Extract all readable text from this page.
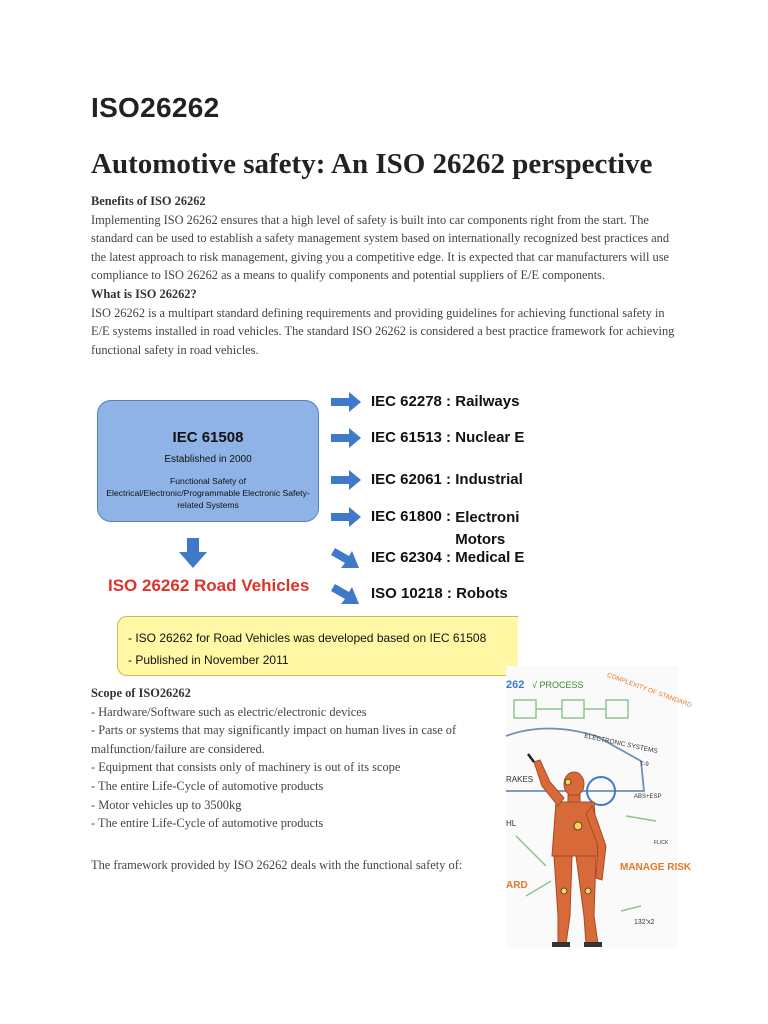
ISO26262
Automotive safety: An ISO 26262 perspective
Benefits of ISO 26262

Implementing ISO 26262 ensures that a high level of safety is built into car components right from the start. The standard can be used to establish a safety management system based on internationally recognized best practices and the latest approach to risk management, giving you a competitive edge. It is expected that car manufacturers will use compliance to ISO 26262 as a means to qualify components and potential suppliers of E/E components.

What is ISO 26262?

ISO 26262 is a multipart standard defining requirements and providing guidelines for achieving functional safety in E/E systems installed in road vehicles. The standard ISO 26262 is considered a best practice framework for achieving functional safety in road vehicles.

IEC 61508
Established in 2000
Functional Safety of Electrical/Electronic/Programmable Electronic Safety-related Systems
ISO 26262 Road Vehicles
IEC 62278 : Railways
IEC 61513 : Nuclear E
IEC 62061 : Industrial
IEC 61800 : Electroni Motors
IEC 62304 : Medical E
ISO 10218 : Robots
- ISO 26262 for Road Vehicles was developed based on IEC 61508
- Published in November 2011
Scope of ISO26262

- Hardware/Software such as electric/electronic devices

- Parts or systems that may significantly impact on human lives in case of malfunction/failure are considered.

- Equipment that consists only of machinery is out of its scope

- The entire Life-Cycle of automotive products

- Motor vehicles up to 3500kg

- The entire Life-Cycle of automotive products

The framework provided by ISO 26262 deals with the functional safety of:
262 √ PROCESS	COMPLEXITY OF STANDARD
ELECTRONIC SYSTEMS
RAKES
ABS+ESP
MANAGE RISK
ARD
HL
T-9
132'x2
FLICK
